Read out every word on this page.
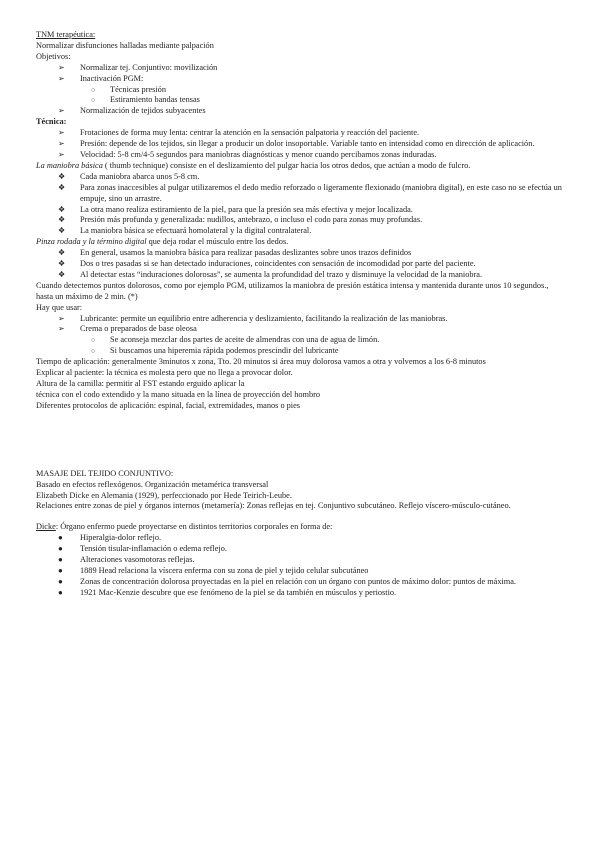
TNM terapéutica:
Normalizar disfunciones halladas mediante palpación
Objetivos:
➢ Normalizar tej. Conjuntivo: movilización
➢ Inactivación PGM:
○ Técnicas presión
○ Estiramiento bandas tensas
➢ Normalización de tejidos subyacentes
Técnica:
➢ Frotaciones de forma muy lenta: centrar la atención en la sensación palpatoria y reacción del paciente.
➢ Presión: depende de los tejidos, sin llegar a producir un dolor insoportable. Variable tanto en intensidad como en dirección de aplicación.
➢ Velocidad: 5-8 cm/4-5 segundos para maniobras diagnósticas y menor cuando percibamos zonas induradas.
La maniobra básica ( thumb technique) consiste en el deslizamiento del pulgar hacia los otros dedos, que actúan a modo de fulcro.
❖ Cada maniobra abarca unos 5-8 cm.
❖ Para zonas inaccesibles al pulgar utilizaremos el dedo medio reforzado o ligeramente flexionado (maniobra digital), en este caso no se efectúa un empuje, sino un arrastre.
❖ La otra mano realiza estiramiento de la piel, para que la presión sea más efectiva y mejor localizada.
❖ Presión más profunda y generalizada: nudillos, antebrazo, o incluso el codo para zonas muy profundas.
❖ La maniobra básica se efectuará homolateral y la digital contralateral.
Pinza rodada y la término digital que deja rodar el músculo entre los dedos.
❖ En general, usamos la maniobra básica para realizar pasadas deslizantes sobre unos trazos definidos
❖ Dos o tres pasadas si se han detectado induraciones, coincidentes con sensación de incomodidad por parte del paciente.
❖ Al detectar estas “induraciones dolorosas”, se aumenta la profundidad del trazo y disminuye la velocidad de la maniobra.
Cuando detectemos puntos dolorosos, como por ejemplo PGM, utilizamos la maniobra de presión estática intensa y mantenida durante unos 10 segundos., hasta un máximo de 2 min. (*)
Hay que usar:
➢ Lubricante: permite un equilibrio entre adherencia y deslizamiento, facilitando la realización de las maniobras.
➢ Crema o preparados de base oleosa
○ Se aconseja mezclar dos partes de aceite de almendras con una de agua de limón.
○ Si buscamos una hiperemia rápida podemos prescindir del lubricante
Tiempo de aplicación: generalmente 3minutos x zona, Tto. 20 minutos si área muy dolorosa vamos a otra y volvemos a los 6-8 minutos
Explicar al paciente: la técnica es molesta pero que no llega a provocar dolor.
Altura de la camilla: permitir al FST estando erguido aplicar la
técnica con el codo extendido y la mano situada en la línea de proyección del hombro
Diferentes protocolos de aplicación: espinal, facial, extremidades, manos o pies
MASAJE DEL TEJIDO CONJUNTIVO:
Basado en efectos reflexógenos. Organización metamérica transversal
Elizabeth Dicke en Alemania (1929), perfeccionado por Hede Teirich-Leube.
Relaciones entre zonas de piel y órganos internos (metamería): Zonas reflejas en tej. Conjuntivo subcutáneo. Reflejo víscero-músculo-cutáneo.
Dicke: Órgano enfermo puede proyectarse en distintos territorios corporales en forma de:
● Hiperalgia-dolor reflejo.
● Tensión tisular-inflamación o edema reflejo.
● Alteraciones vasomotoras reflejas.
● 1889 Head relaciona la víscera enferma con su zona de piel y tejido celular subcutáneo
● Zonas de concentración dolorosa proyectadas en la piel en relación con un órgano con puntos de máximo dolor: puntos de máxima.
● 1921 Mac-Kenzie descubre que ese fenómeno de la piel se da también en músculos y periostio.
